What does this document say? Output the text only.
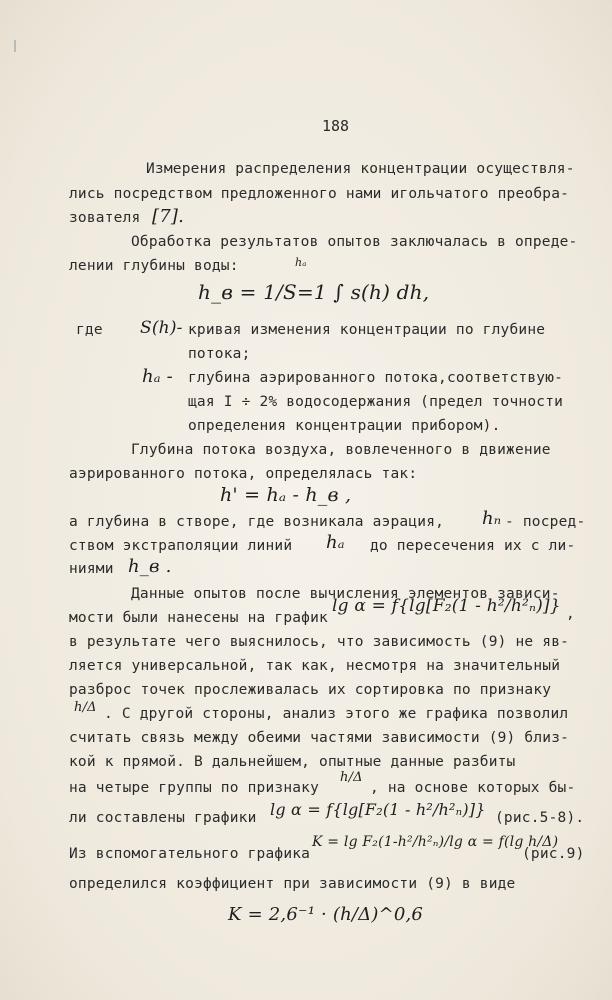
188
Измерения распределения концентрации осуществля-
лись посредством предложенного нами игольчатого преобра-
зователя [7].
Обработка результатов опытов заключалась в опреде-
лении глубины воды:	hₐ
h_в = 1/S=1 ∫ s(h) dh,
где S(h)- кривая изменения концентрации по глубине
потока;
hₐ - глубина аэрированного потока,соответствую-
щая I ÷ 2% водосодержания (предел точности
определения концентрации прибором).
Глубина потока воздуха, вовлеченного в движение
аэрированного потока, определялась так:
h' = hₐ - h_в ,
а глубина в створе, где возникала аэрация, hₙ - посред-
ством экстраполяции линий hₐ до пересечения их с ли-
ниями h_в .
Данные опытов после вычисления элементов зависи-
мости были нанесены на график
lg α = f{lg[F₂(1 - h²/h²ₙ)]} ,
в результате чего выяснилось, что зависимость (9) не яв-
ляется универсальной, так как, несмотря на значительный
разброс точек прослеживалась их сортировка по признаку
h/Δ . С другой стороны, анализ этого же графика позволил
считать связь между обеими частями зависимости (9) близ-
кой к прямой. В дальнейшем, опытные данные разбиты
на четыре группы по признаку
h/Δ
, на основе которых бы-
ли составлены графики lg α = f{lg[F₂(1 - h²/h²ₙ)]} (рис.5-8).
Из вспомогательного графика
K = lg F₂(1-h²/h²ₙ)/lg α = f(lg h/Δ)
(рис.9)
определился коэффициент при зависимости (9) в виде
K = 2,6⁻¹ · (h/Δ)^0,6
